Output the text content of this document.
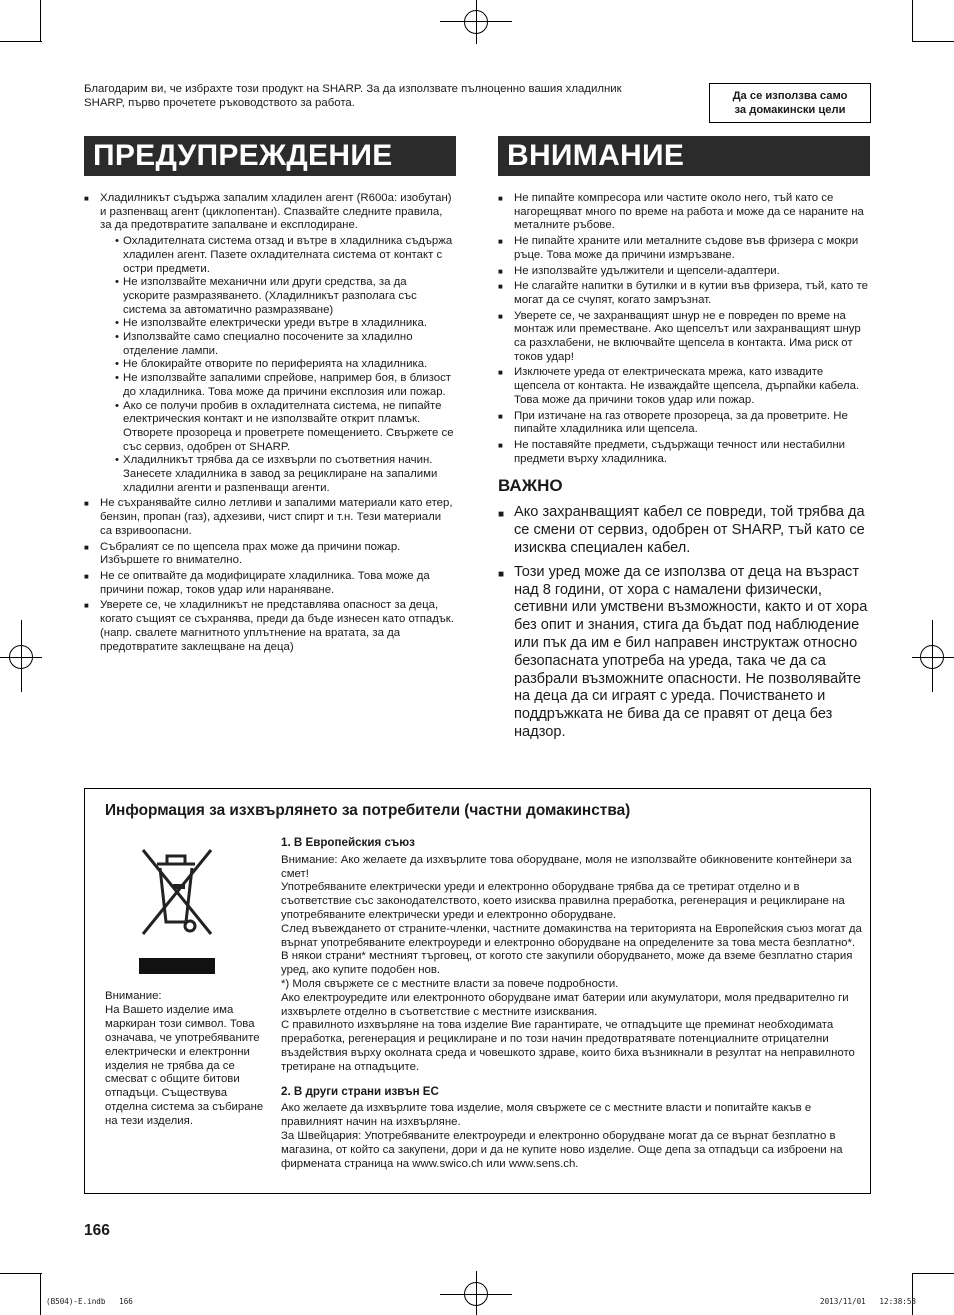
Благодарим ви, че избрахте този продукт на SHARP. За да използвате пълноценно вашия хладилник SHARP, първо прочетете ръководството за работа.
Да се използва само
за домакински цели
ПРЕДУПРЕЖДЕНИЕ
■ Хладилникът съдържа запалим хладилен агент (R600a: изобутан) и разпенващ агент (циклопентан). Спазвайте следните правила, за да предотвратите запалване и експлодиране.
• Охладителната система отзад и вътре в хладилника съдържа хладилен агент. Пазете охладителната система от контакт с остри предмети.
• Не използвайте механични или други средства, за да ускорите размразяването. (Хладилникът разполага със система за автоматично размразяване)
• Не използвайте електрически уреди вътре в хладилника.
• Използвайте само специално посочените за хладилно отделение лампи.
• Не блокирайте отворите по периферията на хладилника.
• Не използвайте запалими спрейове, например боя, в близост до хладилника. Това може да причини експлозия или пожар.
• Ако се получи пробив в охладителната система, не пипайте електрическия контакт и не използвайте открит пламък. Отворете прозореца и проветрете помещението. Свържете се със сервиз, одобрен от SHARP.
• Хладилникът трябва да се изхвърли по съответния начин. Занесете хладилника в завод за рециклиране на запалими хладилни агенти и разпенващи агенти.
■ Не съхранявайте силно летливи и запалими материали като етер, бензин, пропан (газ), адхезиви, чист спирт и т.н. Тези материали са взривоопасни.
■ Събралият се по щепсела прах може да причини пожар. Избършете го внимателно.
■ Не се опитвайте да модифицирате хладилника. Това може да причини пожар, токов удар или нараняване.
■ Уверете се, че хладилникът не представлява опасност за деца, когато същият се съхранява, преди да бъде изнесен като отпадък. (напр. свалете магнитното уплътнение на вратата, за да предотвратите заклещване на деца)
ВНИМАНИЕ
■ Не пипайте компресора или частите около него, тъй като се нагорещяват много по време на работа и може да се нараните на металните ръбове.
■ Не пипайте храните или металните съдове във фризера с мокри ръце. Това може да причини измръзване.
■ Не използвайте удължители и щепсели-адаптери.
■ Не слагайте напитки в бутилки и в кутии във фризера, тъй, като те могат да се счупят, когато замръзнат.
■ Уверете се, че захранващият шнур не е повреден по време на монтаж или преместване. Ако щепселът или захранващият шнур са разхлабени, не включвайте щепсела в контакта. Има риск от токов удар!
■ Изключете уреда от електрическата мрежа, като извадите щепсела от контакта. Не изваждайте щепсела, дърпайки кабела. Това може да причини токов удар или пожар.
■ При изтичане на газ отворете прозореца, за да проветрите. Не пипайте хладилника или щепсела.
■ Не поставяйте предмети, съдържащи течност или нестабилни предмети върху хладилника.
ВАЖНО
■ Ако захранващият кабел се повреди, той трябва да се смени от сервиз, одобрен от SHARP, тъй като се изисква специален кабел.
■ Този уред може да се използва от деца на възраст над 8 години, от хора с намалени физически, сетивни или умствени възможности, както и от хора без опит и знания, стига да бъдат под наблюдение или пък да им е бил направен инструктаж относно безопасната употреба на уреда, така че да са разбрали възможните опасности. Не позволявайте на деца да си играят с уреда. Почистването и поддръжката не бива да се правят от деца без надзор.
Информация за изхвърлянето за потребители (частни домакинства)
Внимание:
На Вашето изделие има маркиран този символ. Това означава, че употребяваните електрически и електронни изделия не трябва да се смесват с общите битови отпадъци. Съществува отделна система за събиране на тези изделия.
1. В Европейския съюз

Внимание: Ако желаете да изхвърлите това оборудване, моля не използвайте обикновените контейнери за смет!

Употребяваните електрически уреди и електронно оборудване трябва да се третират отделно и в съответствие със законодателството, което изисква правилна преработка, регенерация и рециклиране на употребяваните електрически уреди и електронно оборудване.

След въвеждането от страните-членки, частните домакинства на територията на Европейския съюз могат да върнат употребяваните електроуреди и електронно оборудване на определените за това места безплатно*. В някои страни* местният търговец, от когото сте закупили оборудването, може да вземе безплатно стария уред, ако купите подобен нов.

*) Моля свържете се с местните власти за повече подробности.

Ако електроуредите или електронното оборудване имат батерии или акумулатори, моля предварително ги изхвърлете отделно в съответствие с местните изисквания.

С правилното изхвърляне на това изделие Вие гарантирате, че отпадъците ще преминат необходимата преработка, регенерация и рециклиране и по този начин предотвратявате потенциалните отрицателни въздействия върху околната среда и човешкото здраве, които биха възникнали в резултат на неправилното третиране на отпадъците.

2. В други страни извън ЕС

Ако желаете да изхвърлите това изделие, моля свържете се с местните власти и попитайте какъв е правилният начин на изхвърляне.

За Швейцария: Употребяваните електроуреди и електронно оборудване могат да се върнат безплатно в магазина, от който са закупени, дори и да не купите ново изделие. Още депа за отпадъци са изброени на фирмената страница на www.swico.ch или www.sens.ch.

166
(B504)-E.indb   166	2013/11/01   12:38:58
